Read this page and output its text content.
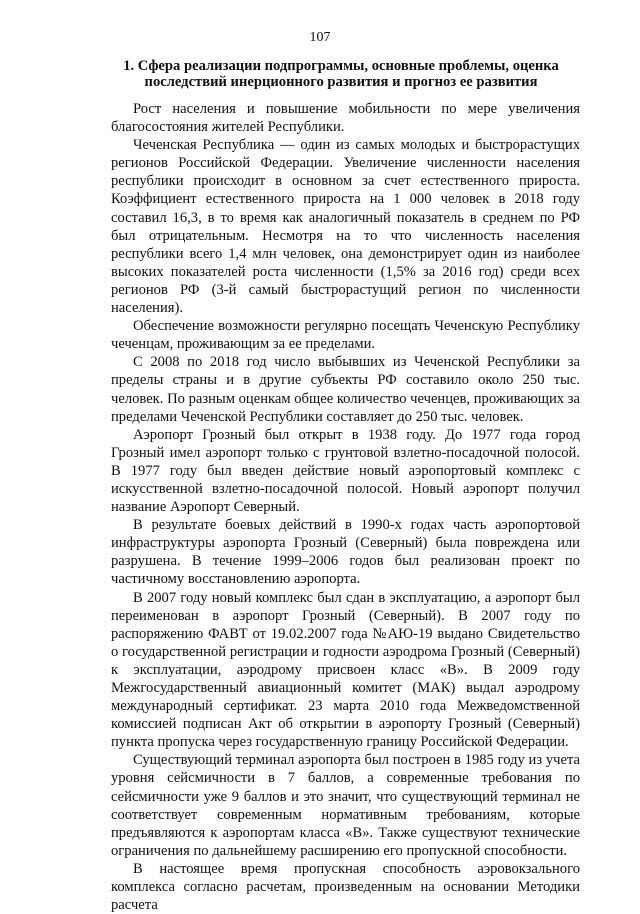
107
1. Сфера реализации подпрограммы, основные проблемы, оценка последствий инерционного развития и прогноз ее развития

Рост населения и повышение мобильности по мере увеличения благосостояния жителей Республики.

Чеченская Республика — один из самых молодых и быстрорастущих регионов Российской Федерации. Увеличение численности населения республики происходит в основном за счет естественного прироста. Коэффициент естественного прироста на 1 000 человек в 2018 году составил 16,3, в то время как аналогичный показатель в среднем по РФ был отрицательным. Несмотря на то что численность населения республики всего 1,4 млн человек, она демонстрирует один из наиболее высоких показателей роста численности (1,5% за 2016 год) среди всех регионов РФ (3-й самый быстрорастущий регион по численности населения).

Обеспечение возможности регулярно посещать Чеченскую Республику чеченцам, проживающим за ее пределами.

С 2008 по 2018 год число выбывших из Чеченской Республики за пределы страны и в другие субъекты РФ составило около 250 тыс. человек. По разным оценкам общее количество чеченцев, проживающих за пределами Чеченской Республики составляет до 250 тыс. человек.

Аэропорт Грозный был открыт в 1938 году. До 1977 года город Грозный имел аэропорт только с грунтовой взлетно-посадочной полосой. В 1977 году был введен действие новый аэропортовый комплекс с искусственной взлетно-посадочной полосой. Новый аэропорт получил название Аэропорт Северный.

В результате боевых действий в 1990-х годах часть аэропортовой инфраструктуры аэропорта Грозный (Северный) была повреждена или разрушена. В течение 1999–2006 годов был реализован проект по частичному восстановлению аэропорта.

В 2007 году новый комплекс был сдан в эксплуатацию, а аэропорт был переименован в аэропорт Грозный (Северный). В 2007 году по распоряжению ФАВТ от 19.02.2007 года №АЮ-19 выдано Свидетельство о государственной регистрации и годности аэродрома Грозный (Северный) к эксплуатации, аэродрому присвоен класс «В». В 2009 году Межгосударственный авиационный комитет (МАК) выдал аэродрому международный сертификат. 23 марта 2010 года Межведомственной комиссией подписан Акт об открытии в аэропорту Грозный (Северный) пункта пропуска через государственную границу Российской Федерации.

Существующий терминал аэропорта был построен в 1985 году из учета уровня сейсмичности в 7 баллов, а современные требования по сейсмичности уже 9 баллов и это значит, что существующий терминал не соответствует современным нормативным требованиям, которые предъявляются к аэропортам класса «В». Также существуют технические ограничения по дальнейшему расширению его пропускной способности.

В настоящее время пропускная способность аэровокзального комплекса согласно расчетам, произведенным на основании Методики расчета
